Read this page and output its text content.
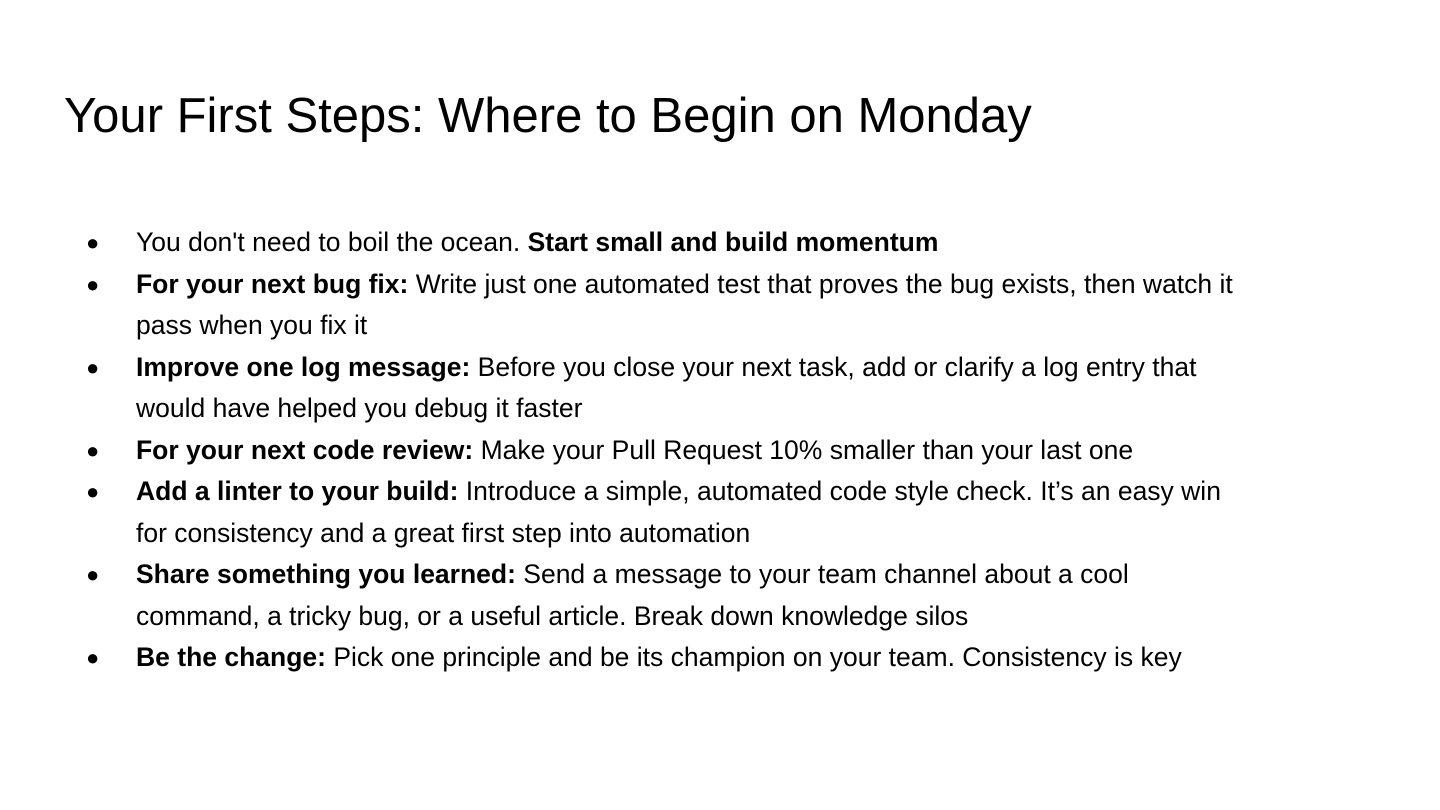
Your First Steps: Where to Begin on Monday
●	You don't need to boil the ocean. Start small and build momentum
●	For your next bug fix: Write just one automated test that proves the bug exists, then watch it pass when you fix it
●	Improve one log message: Before you close your next task, add or clarify a log entry that would have helped you debug it faster
●	For your next code review: Make your Pull Request 10% smaller than your last one
●	Add a linter to your build: Introduce a simple, automated code style check. It’s an easy win for consistency and a great first step into automation
●	Share something you learned: Send a message to your team channel about a cool command, a tricky bug, or a useful article. Break down knowledge silos
●	Be the change: Pick one principle and be its champion on your team. Consistency is key
